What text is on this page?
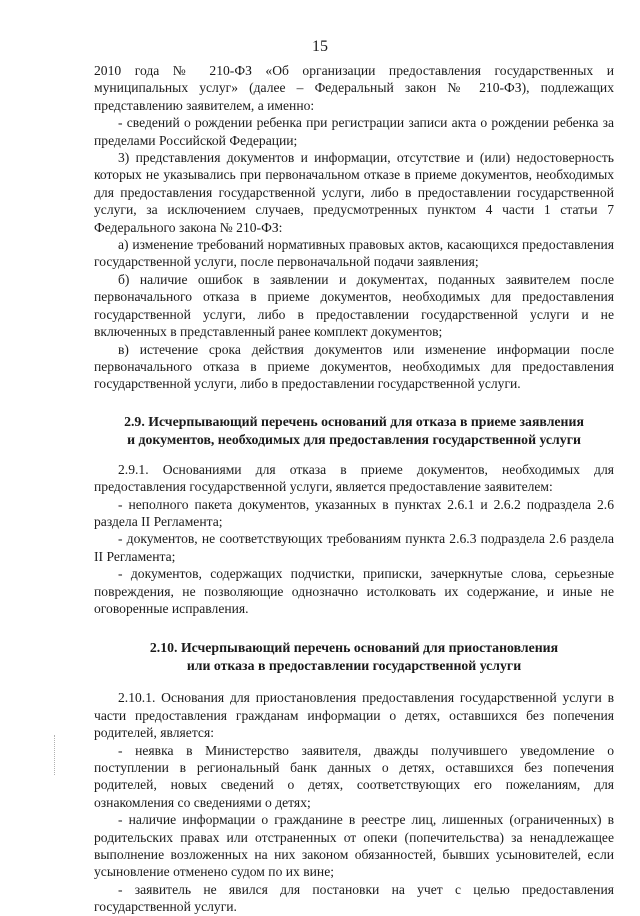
15

2010 года № 210-ФЗ «Об организации предоставления государственных и муниципальных услуг» (далее – Федеральный закон № 210-ФЗ), подлежащих представлению заявителем, а именно:

- сведений о рождении ребенка при регистрации записи акта о рождении ребенка за пределами Российской Федерации;

3) представления документов и информации, отсутствие и (или) недостоверность которых не указывались при первоначальном отказе в приеме документов, необходимых для предоставления государственной услуги, либо в предоставлении государственной услуги, за исключением случаев, предусмотренных пунктом 4 части 1 статьи 7 Федерального закона № 210-ФЗ:

а) изменение требований нормативных правовых актов, касающихся предоставления государственной услуги, после первоначальной подачи заявления;

б) наличие ошибок в заявлении и документах, поданных заявителем после первоначального отказа в приеме документов, необходимых для предоставления государственной услуги, либо в предоставлении государственной услуги и не включенных в представленный ранее комплект документов;

в) истечение срока действия документов или изменение информации после первоначального отказа в приеме документов, необходимых для предоставления государственной услуги, либо в предоставлении государственной услуги.

2.9. Исчерпывающий перечень оснований для отказа в приеме заявления
и документов, необходимых для предоставления государственной услуги

2.9.1. Основаниями для отказа в приеме документов, необходимых для предоставления государственной услуги, является предоставление заявителем:

- неполного пакета документов, указанных в пунктах 2.6.1 и 2.6.2 подраздела 2.6 раздела II Регламента;

- документов, не соответствующих требованиям пункта 2.6.3 подраздела 2.6 раздела II Регламента;

- документов, содержащих подчистки, приписки, зачеркнутые слова, серьезные повреждения, не позволяющие однозначно истолковать их содержание, и иные не оговоренные исправления.

2.10. Исчерпывающий перечень оснований для приостановления
или отказа в предоставлении государственной услуги

2.10.1. Основания для приостановления предоставления государственной услуги в части предоставления гражданам информации о детях, оставшихся без попечения родителей, является:

- неявка в Министерство заявителя, дважды получившего уведомление о поступлении в региональный банк данных о детях, оставшихся без попечения родителей, новых сведений о детях, соответствующих его пожеланиям, для ознакомления со сведениями о детях;

- наличие информации о гражданине в реестре лиц, лишенных (ограниченных) в родительских правах или отстраненных от опеки (попечительства) за ненадлежащее выполнение возложенных на них законом обязанностей, бывших усыновителей, если усыновление отменено судом по их вине;

- заявитель не явился для постановки на учет с целью предоставления государственной услуги.
